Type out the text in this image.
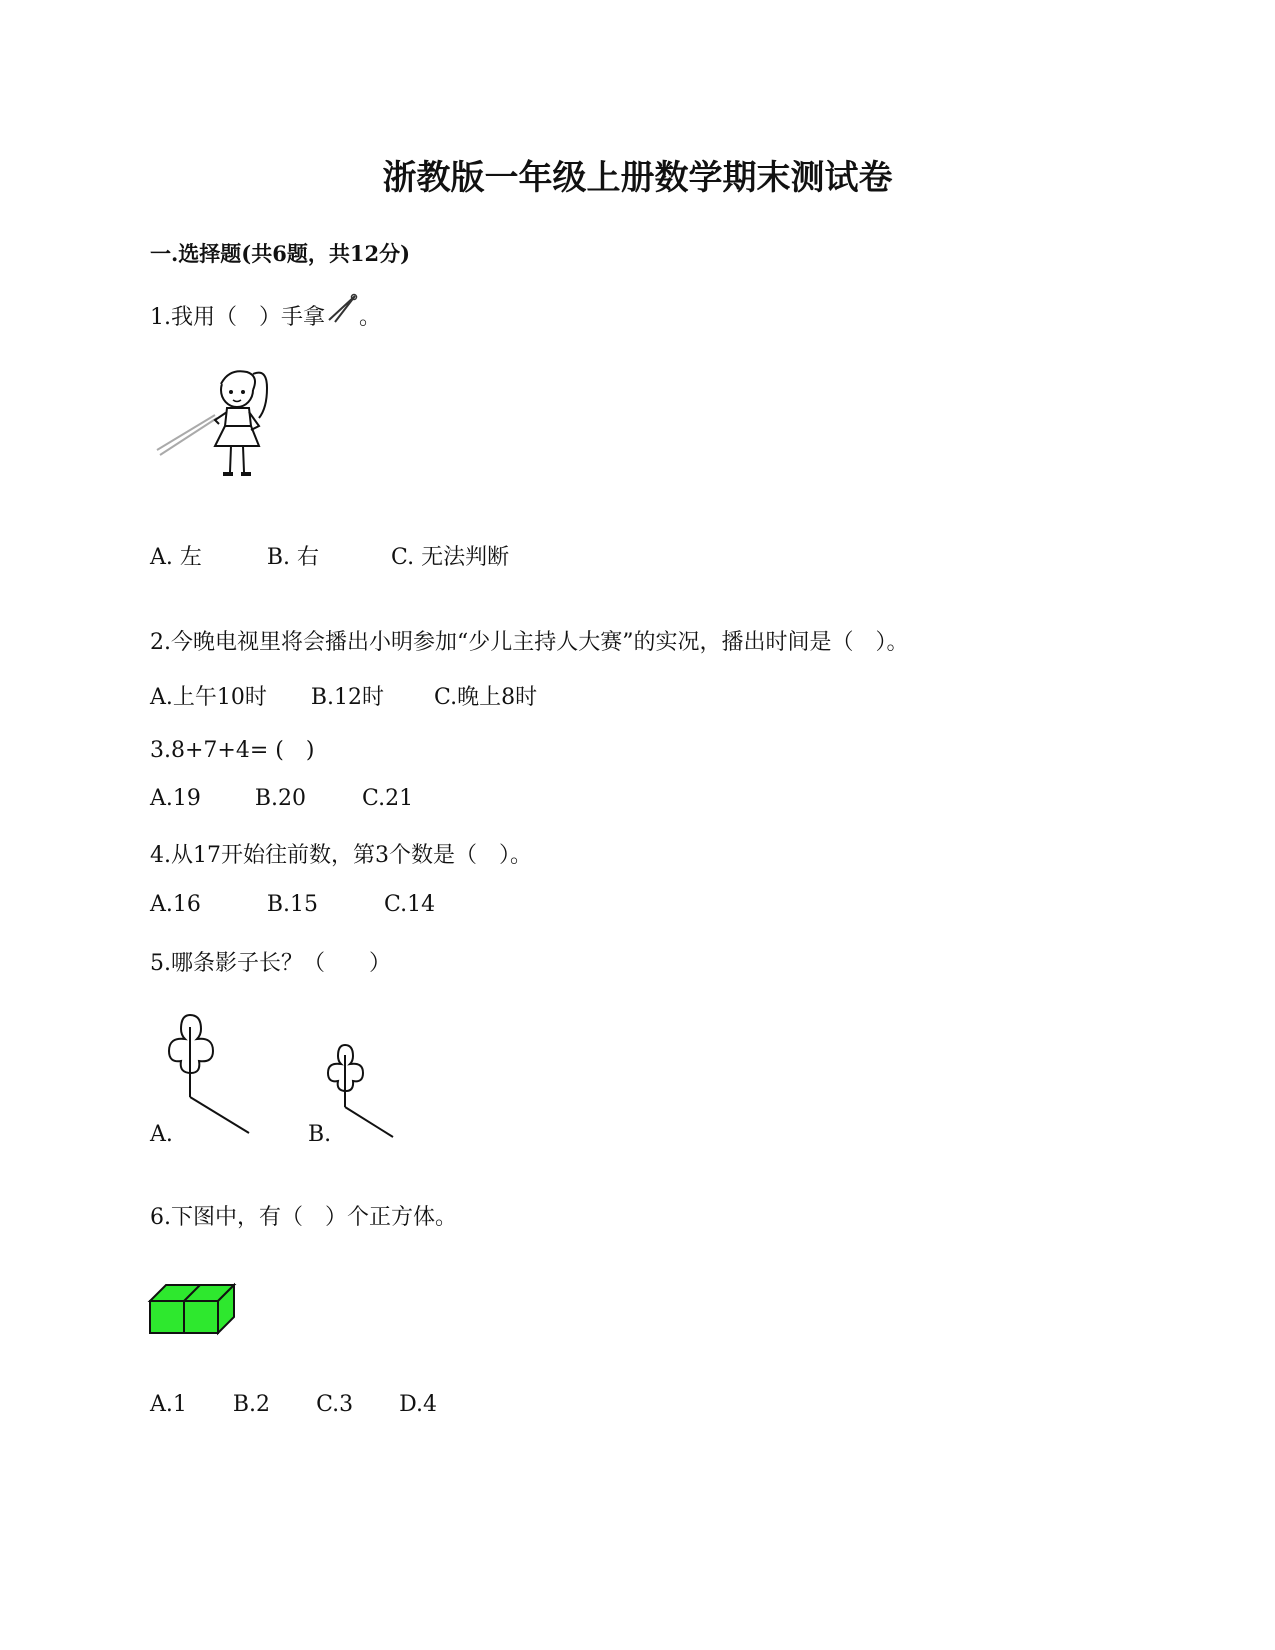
浙教版一年级上册数学期末测试卷
一.选择题(共6题，共12分)
1.我用（　）手拿 。
A. 左	B. 右	C. 无法判断
2.今晚电视里将会播出小明参加“少儿主持人大赛”的实况，播出时间是（　）。
A.上午10时 B.12时 C.晚上8时
3.8+7+4= (　)
A.19 B.20	C.21
4.从17开始往前数，第3个数是（　）。
A.16	B.15	C.14
5.哪条影子长？（　　）
A.	B.
6.下图中，有（　）个正方体。
A.1 B.2 C.3 D.4
